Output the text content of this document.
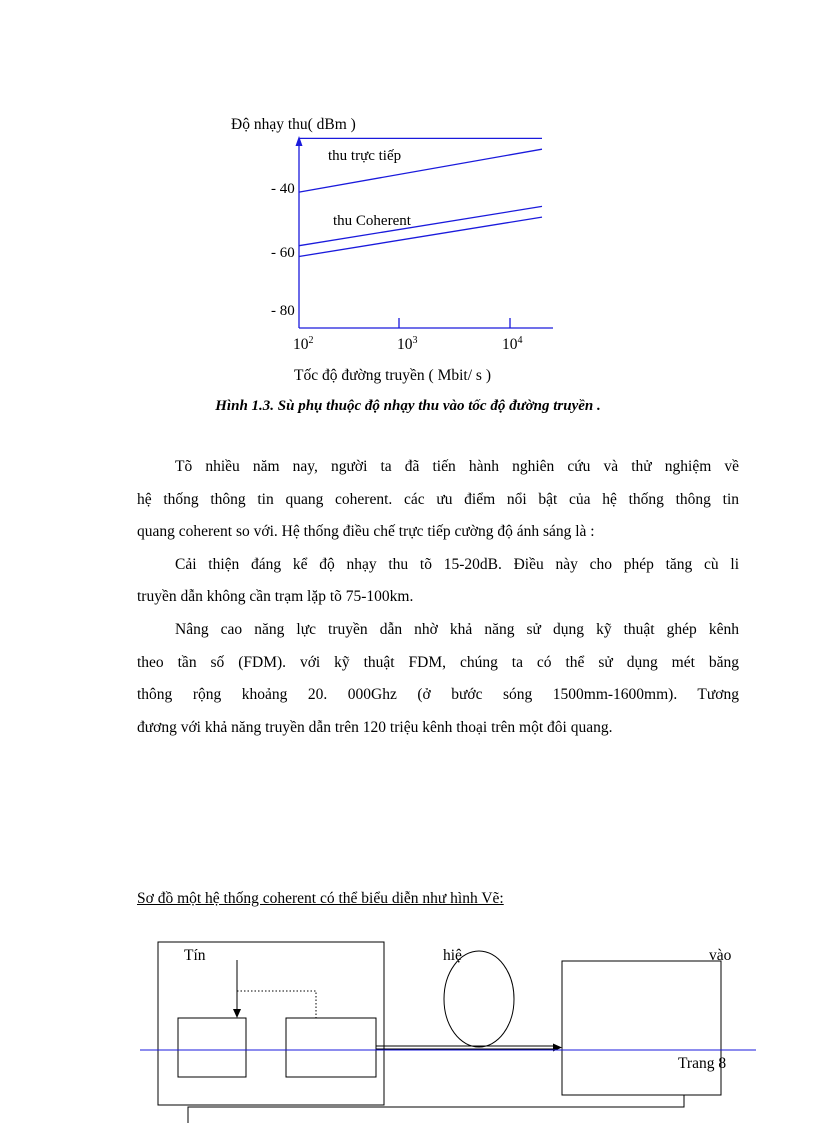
Độ nhạy thu( dBm )
thu trực tiếp
thu Coherent
- 40
- 60
- 80
$10^2$	$10^3$	$10^4$
Tốc độ đường truyền ( Mbit/ s )
Hình 1.3. Sù phụ thuộc độ nhạy thu vào tốc độ đường truyền .

Tõ nhiều năm nay, người ta đã tiến hành nghiên cứu và thử nghiệm về

hệ thống thông tin quang coherent. các ưu điểm nổi bật của hệ thống thông tin

quang coherent so với. Hệ thống điều chế trực tiếp cường độ ánh sáng là :

Cải thiện đáng kể độ nhạy thu tõ 15-20dB. Điều này cho phép tăng cù li

truyền dẫn không cần trạm lặp tõ 75-100km.

Nâng cao năng lực truyền dẫn nhờ khả năng sử dụng kỹ thuật ghép kênh

theo tần số (FDM). với kỹ thuật FDM, chúng ta có thể sử dụng mét băng

thông rộng khoảng 20. 000Ghz (ở bước sóng 1500mm-1600mm). Tương

đương với khả năng truyền dẫn trên 120 triệu kênh thoại trên một đôi quang.

Sơ đồ một hệ thống coherent có thể biểu diễn như hình Vẽ:
Tín	hiệ	vào
Trang 8
